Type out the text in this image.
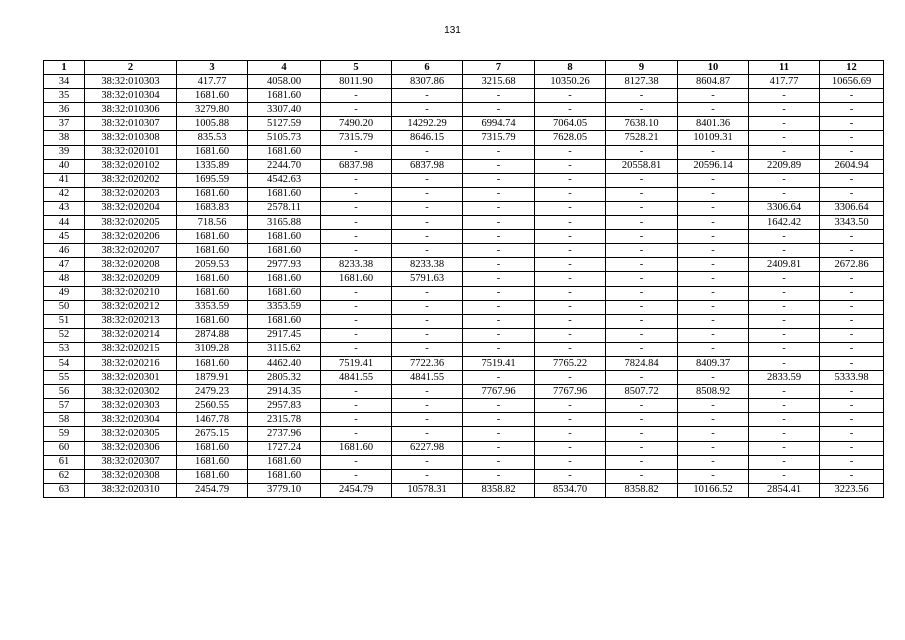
131
1	2	3	4	5	6	7	8	9	10	11	12
34	38:32:010303	417.77	4058.00	8011.90	8307.86	3215.68	10350.26	8127.38	8604.87	417.77	10656.69
35	38:32:010304	1681.60	1681.60	-	-	-	-	-	-	-	-
36	38:32:010306	3279.80	3307.40	-	-	-	-	-	-	-	-
37	38:32:010307	1005.88	5127.59	7490.20	14292.29	6994.74	7064.05	7638.10	8401.36	-	-
38	38:32:010308	835.53	5105.73	7315.79	8646.15	7315.79	7628.05	7528.21	10109.31	-	-
39	38:32:020101	1681.60	1681.60	-	-	-	-	-	-	-	-
40	38:32:020102	1335.89	2244.70	6837.98	6837.98	-	-	20558.81	20596.14	2209.89	2604.94
41	38:32:020202	1695.59	4542.63	-	-	-	-	-	-	-	-
42	38:32:020203	1681.60	1681.60	-	-	-	-	-	-	-	-
43	38:32:020204	1683.83	2578.11	-	-	-	-	-	-	3306.64	3306.64
44	38:32:020205	718.56	3165.88	-	-	-	-	-	-	1642.42	3343.50
45	38:32:020206	1681.60	1681.60	-	-	-	-	-	-	-	-
46	38:32:020207	1681.60	1681.60	-	-	-	-	-	-	-	-
47	38:32:020208	2059.53	2977.93	8233.38	8233.38	-	-	-	-	2409.81	2672.86
48	38:32:020209	1681.60	1681.60	1681.60	5791.63	-	-	-	-	-	-
49	38:32:020210	1681.60	1681.60	-	-	-	-	-	-	-	-
50	38:32:020212	3353.59	3353.59	-	-	-	-	-	-	-	-
51	38:32:020213	1681.60	1681.60	-	-	-	-	-	-	-	-
52	38:32:020214	2874.88	2917.45	-	-	-	-	-	-	-	-
53	38:32:020215	3109.28	3115.62	-	-	-	-	-	-	-	-
54	38:32:020216	1681.60	4462.40	7519.41	7722.36	7519.41	7765.22	7824.84	8409.37	-	-
55	38:32:020301	1879.91	2805.32	4841.55	4841.55	-	-	-	-	2833.59	5333.98
56	38:32:020302	2479.23	2914.35	-	-	7767.96	7767.96	8507.72	8508.92	-	-
57	38:32:020303	2560.55	2957.83	-	-	-	-	-	-	-	-
58	38:32:020304	1467.78	2315.78	-	-	-	-	-	-	-	-
59	38:32:020305	2675.15	2737.96	-	-	-	-	-	-	-	-
60	38:32:020306	1681.60	1727.24	1681.60	6227.98	-	-	-	-	-	-
61	38:32:020307	1681.60	1681.60	-	-	-	-	-	-	-	-
62	38:32:020308	1681.60	1681.60	-	-	-	-	-	-	-	-
63	38:32:020310	2454.79	3779.10	2454.79	10578.31	8358.82	8534.70	8358.82	10166.52	2854.41	3223.56
